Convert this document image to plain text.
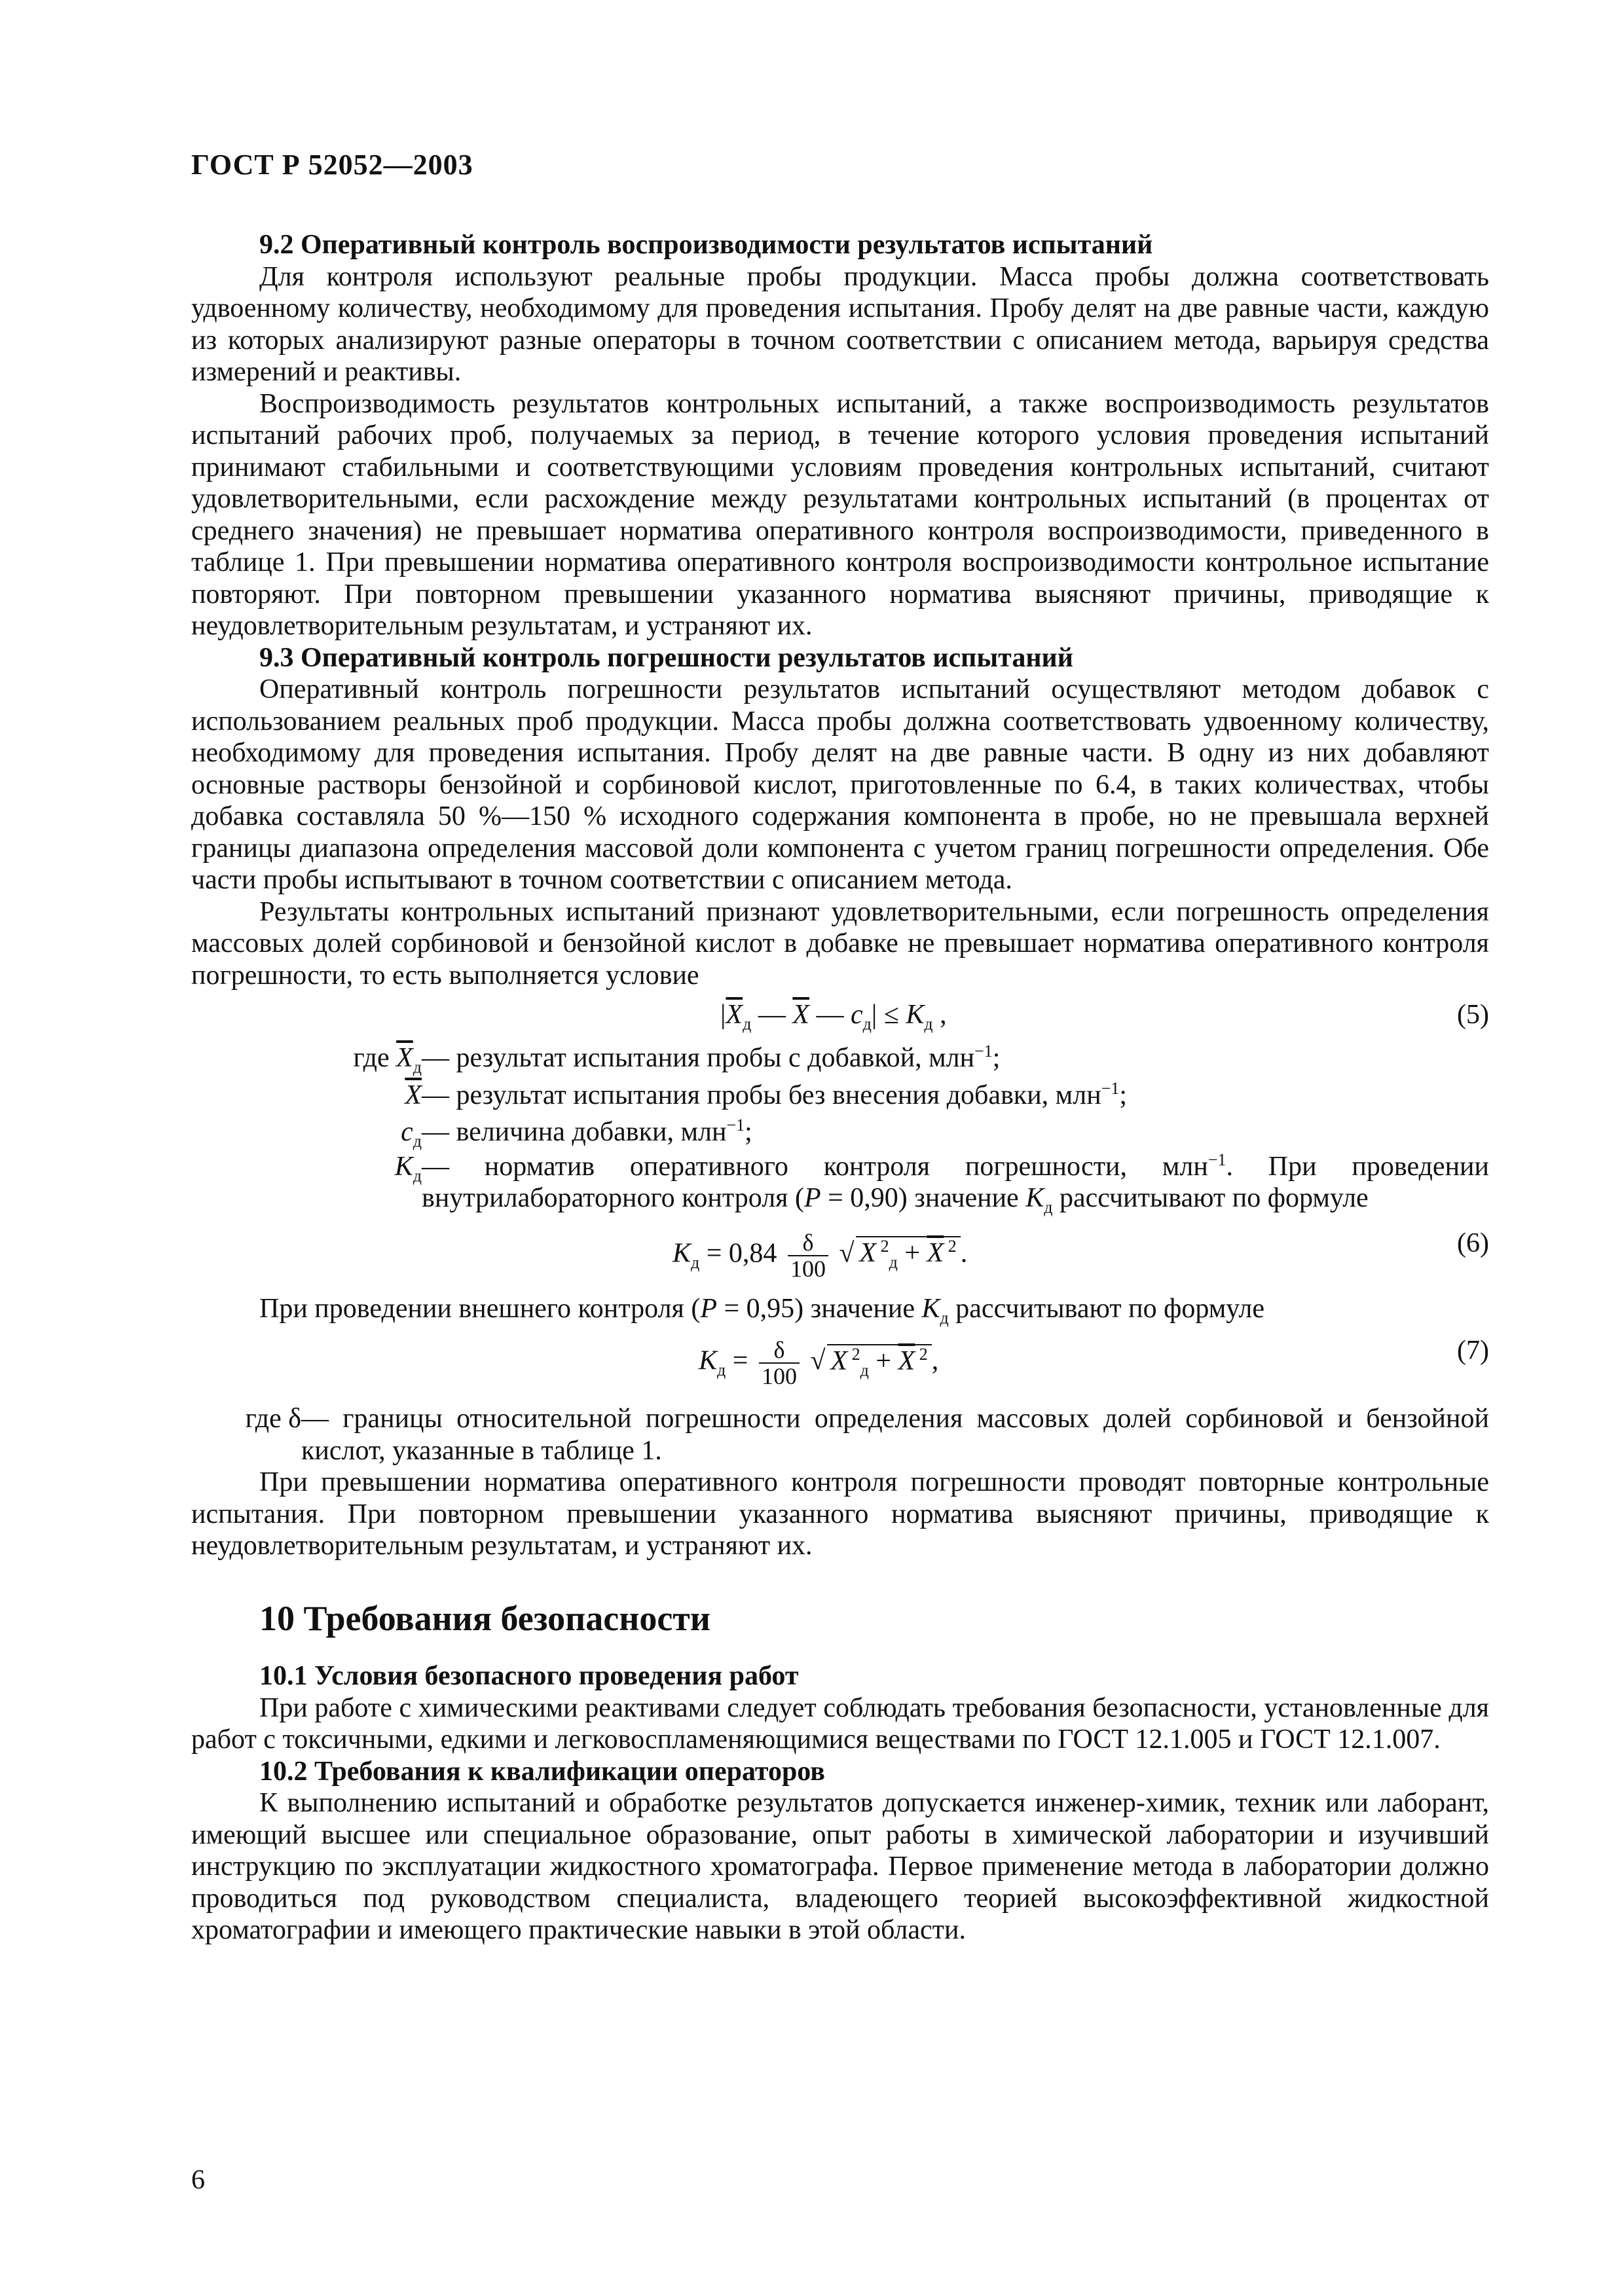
ГОСТ Р 52052—2003

9.2 Оперативный контроль воспроизводимости результатов испытаний

Для контроля используют реальные пробы продукции. Масса пробы должна соответствовать удвоенному количеству, необходимому для проведения испытания. Пробу делят на две равные части, каждую из которых анализируют разные операторы в точном соответствии с описанием метода, варьируя средства измерений и реактивы.

Воспроизводимость результатов контрольных испытаний, а также воспроизводимость результатов испытаний рабочих проб, получаемых за период, в течение которого условия проведения испытаний принимают стабильными и соответствующими условиям проведения контрольных испытаний, считают удовлетворительными, если расхождение между результатами контрольных испытаний (в процентах от среднего значения) не превышает норматива оперативного контроля воспроизводимости, приведенного в таблице 1. При превышении норматива оперативного контроля воспроизводимости контрольное испытание повторяют. При повторном превышении указанного норматива выясняют причины, приводящие к неудовлетворительным результатам, и устраняют их.

9.3 Оперативный контроль погрешности результатов испытаний

Оперативный контроль погрешности результатов испытаний осуществляют методом добавок с использованием реальных проб продукции. Масса пробы должна соответствовать удвоенному количеству, необходимому для проведения испытания. Пробу делят на две равные части. В одну из них добавляют основные растворы бензойной и сорбиновой кислот, приготовленные по 6.4, в таких количествах, чтобы добавка составляла 50 %—150 % исходного содержания компонента в пробе, но не превышала верхней границы диапазона определения массовой доли компонента с учетом границ погрешности определения. Обе части пробы испытывают в точном соответствии с описанием метода.

Результаты контрольных испытаний признают удовлетворительными, если погрешность определения массовых долей сорбиновой и бензойной кислот в добавке не превышает норматива оперативного контроля погрешности, то есть выполняется условие

$|\overline{X}_д$ — $\overline{X}$ — $c_д| \le K_д$ ,	(5)
где $\overline{X}_д$ — результат испытания пробы с добавкой, млн$^{-1}$;
$\overline{X}$ — результат испытания пробы без внесения добавки, млн$^{-1}$;
$c_д$ — величина добавки, млн$^{-1}$;
$K_д$ — норматив оперативного контроля погрешности, млн$^{-1}$. При проведении внутрилабораторного контроля (P = 0,90) значение $K_д$ рассчитывают по формуле
$K_д = 0,84 \frac{\delta}{100}$ √ X $^2_д + \overline{X}$ $^2$ .	(6)

При проведении внешнего контроля (P = 0,95) значение $K_д$ рассчитывают по формуле

$K_д = \frac{\delta}{100}$ √ X $^2_д + \overline{X}$ $^2$ ,	(7)
где δ — границы относительной погрешности определения массовых долей сорбиновой и бензойной кислот, указанные в таблице 1.

При превышении норматива оперативного контроля погрешности проводят повторные контрольные испытания. При повторном превышении указанного норматива выясняют причины, приводящие к неудовлетворительным результатам, и устраняют их.

10 Требования безопасности

10.1 Условия безопасного проведения работ

При работе с химическими реактивами следует соблюдать требования безопасности, установленные для работ с токсичными, едкими и легковоспламеняющимися веществами по ГОСТ 12.1.005 и ГОСТ 12.1.007.

10.2 Требования к квалификации операторов

К выполнению испытаний и обработке результатов допускается инженер-химик, техник или лаборант, имеющий высшее или специальное образование, опыт работы в химической лаборатории и изучивший инструкцию по эксплуатации жидкостного хроматографа. Первое применение метода в лаборатории должно проводиться под руководством специалиста, владеющего теорией высокоэффективной жидкостной хроматографии и имеющего практические навыки в этой области.

6
